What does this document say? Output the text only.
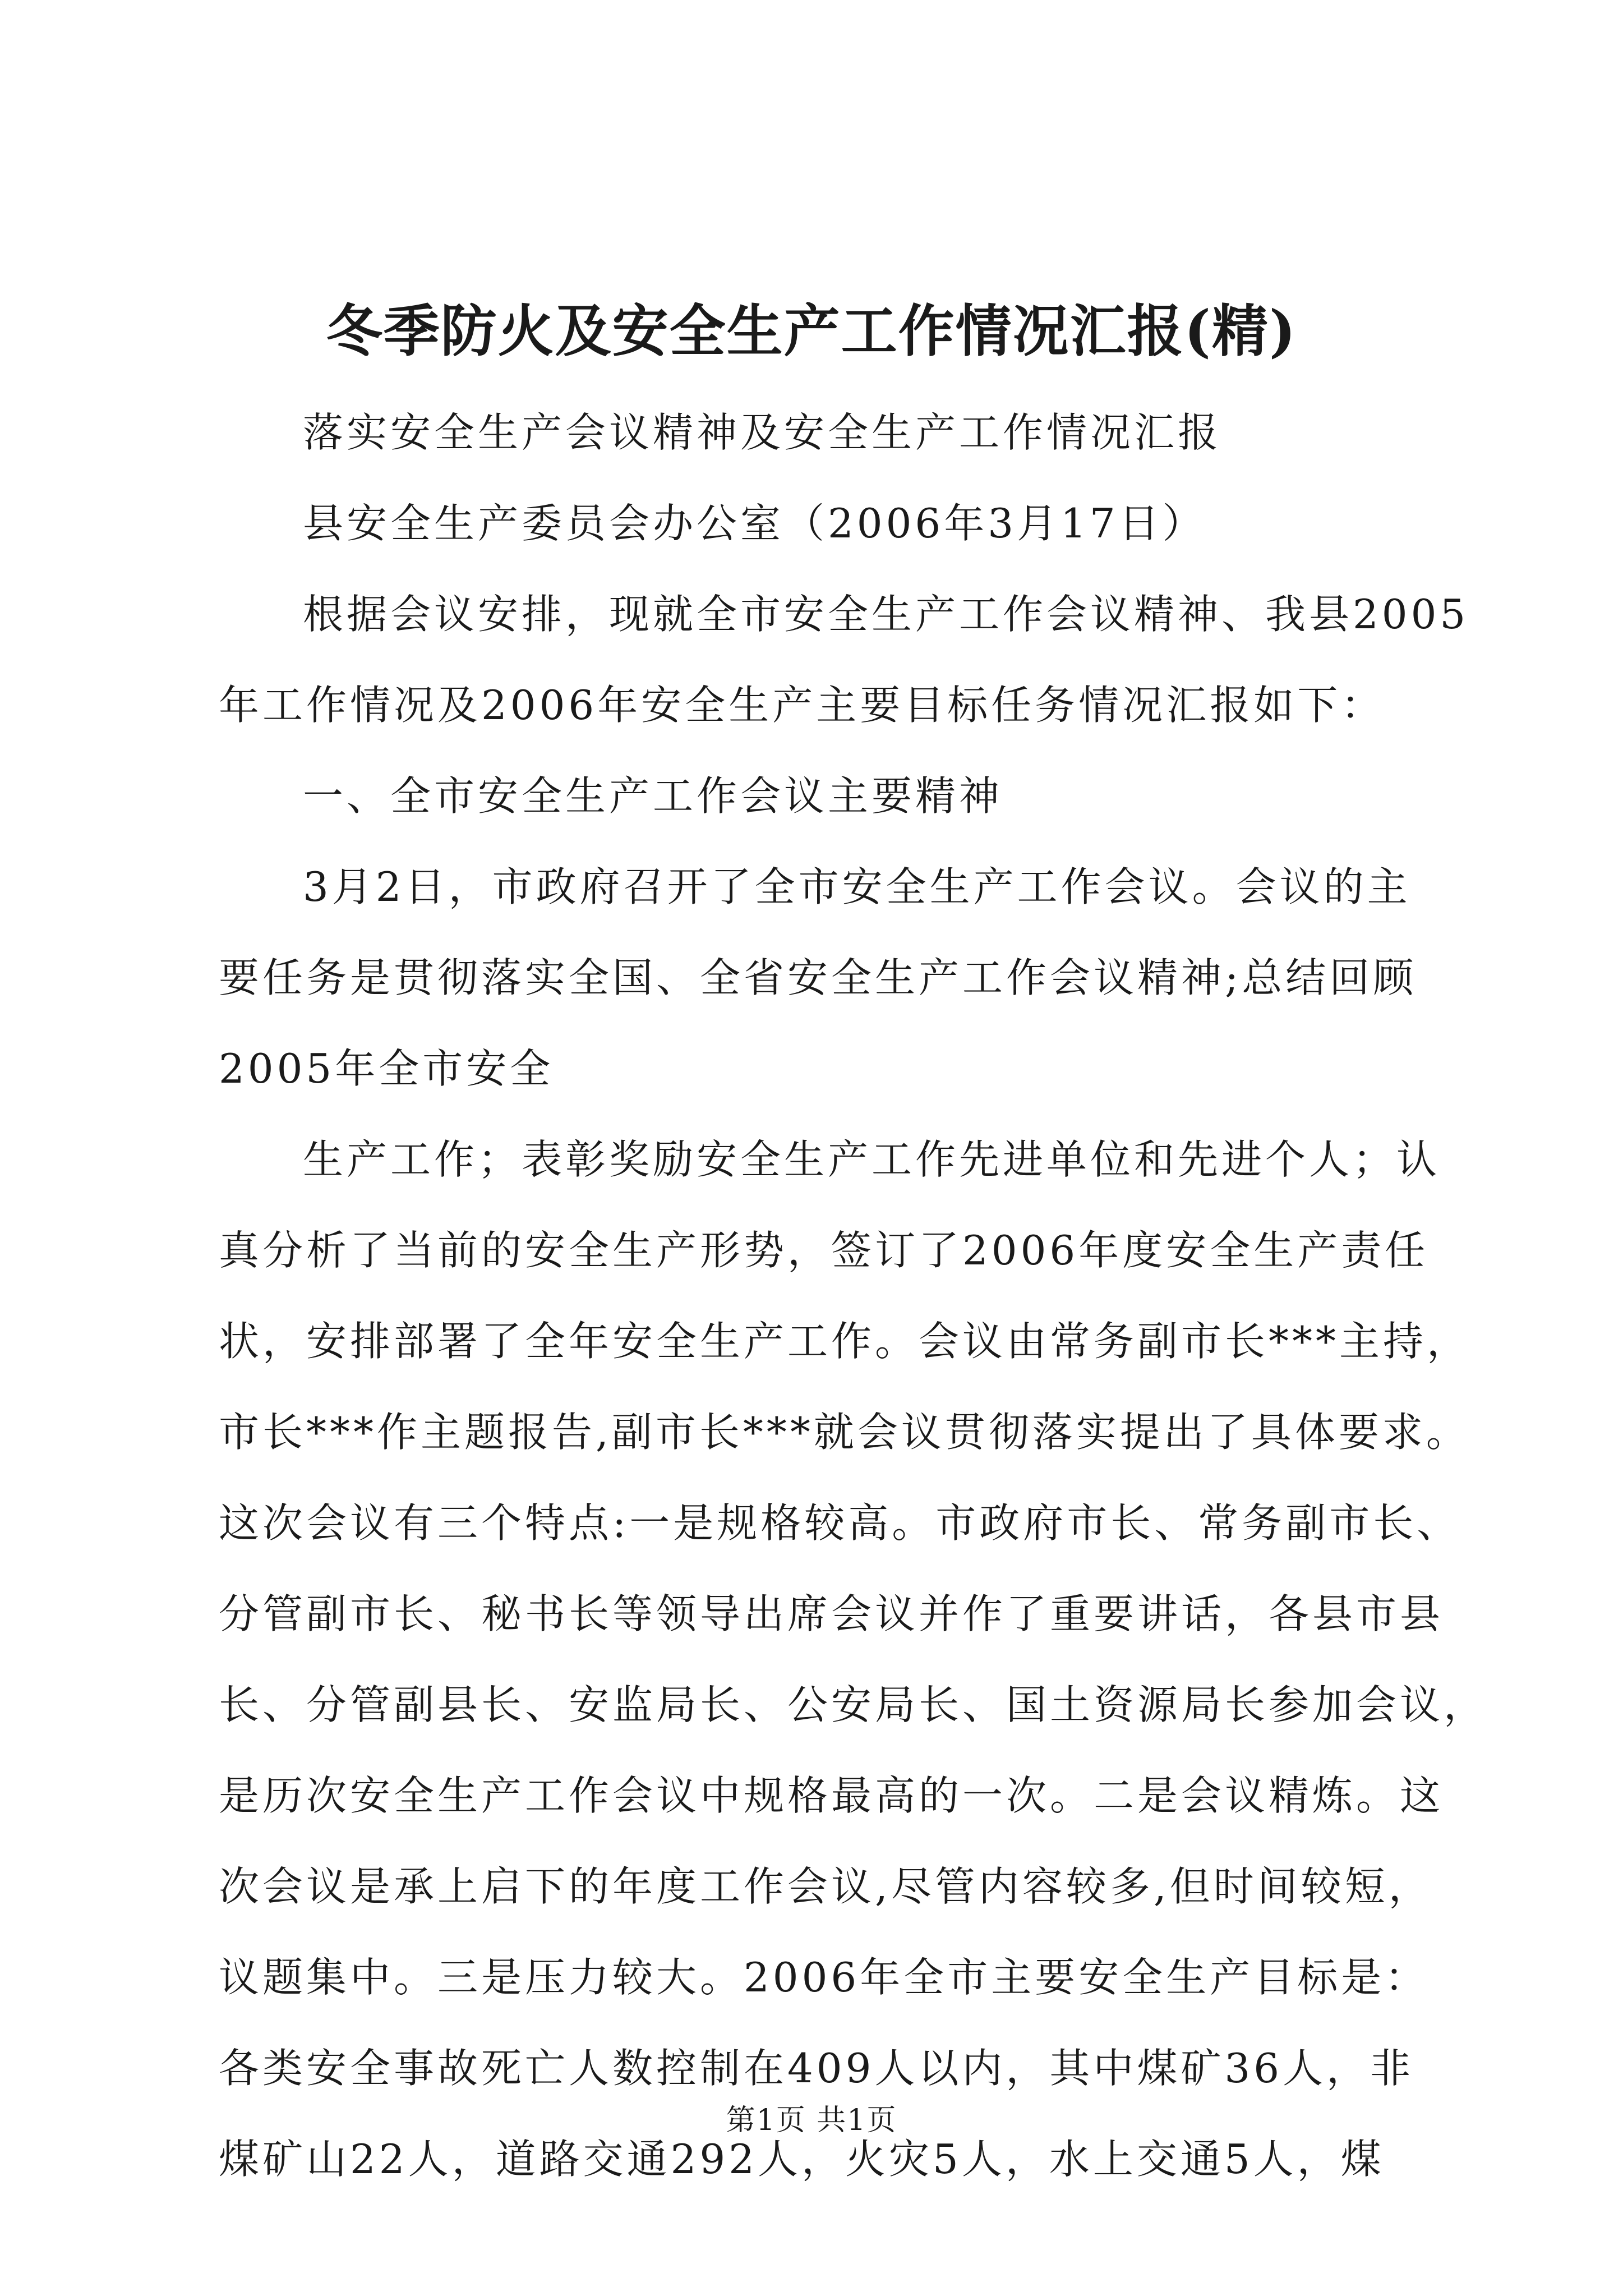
冬季防火及安全生产工作情况汇报(精)
落实安全生产会议精神及安全生产工作情况汇报
县安全生产委员会办公室（2006年3月17日）
根据会议安排，现就全市安全生产工作会议精神、我县2005
年工作情况及2006年安全生产主要目标任务情况汇报如下：
一、全市安全生产工作会议主要精神
3月2日，市政府召开了全市安全生产工作会议。会议的主
要任务是贯彻落实全国、全省安全生产工作会议精神;总结回顾
2005年全市安全
生产工作；表彰奖励安全生产工作先进单位和先进个人；认
真分析了当前的安全生产形势，签订了2006年度安全生产责任
状，安排部署了全年安全生产工作。会议由常务副市长***主持，
市长***作主题报告,副市长***就会议贯彻落实提出了具体要求。
这次会议有三个特点:一是规格较高。市政府市长、常务副市长、
分管副市长、秘书长等领导出席会议并作了重要讲话，各县市县
长、分管副县长、安监局长、公安局长、国土资源局长参加会议，
是历次安全生产工作会议中规格最高的一次。二是会议精炼。这
次会议是承上启下的年度工作会议,尽管内容较多,但时间较短，
议题集中。三是压力较大。2006年全市主要安全生产目标是：
各类安全事故死亡人数控制在409人以内，其中煤矿36人，非
煤矿山22人，道路交通292人，火灾5人，水上交通5人，煤
第1页 共1页
